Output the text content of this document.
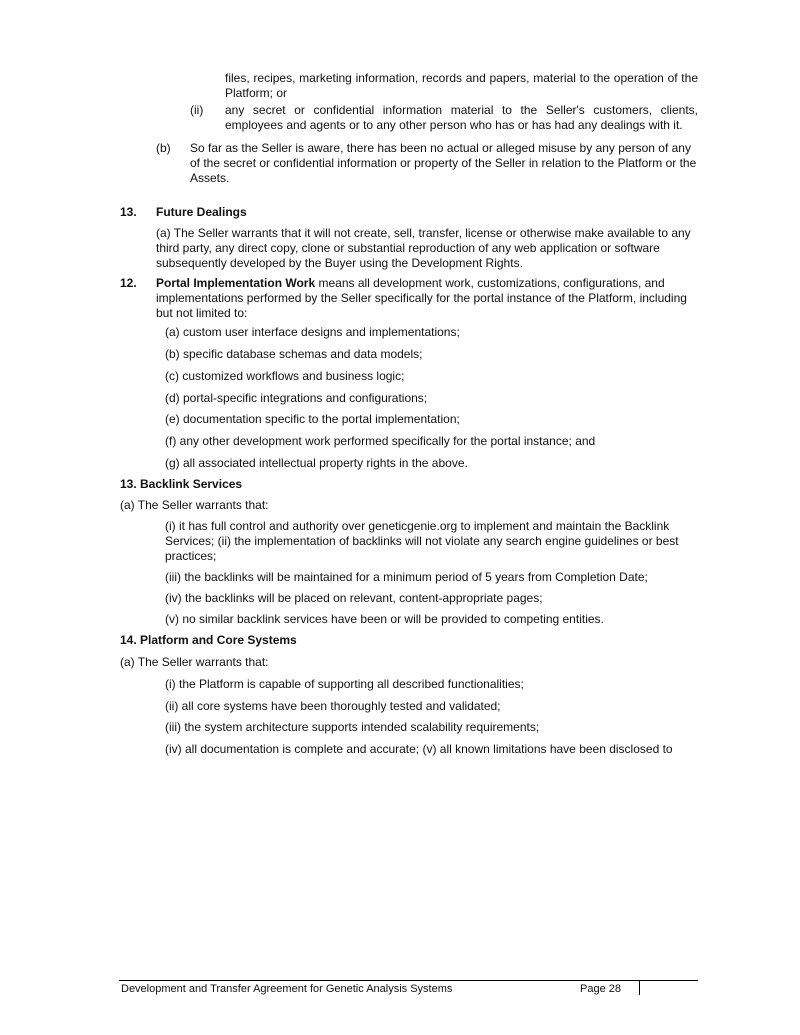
files, recipes, marketing information, records and papers, material to the operation of the Platform; or
(ii) any secret or confidential information material to the Seller's customers, clients, employees and agents or to any other person who has or has had any dealings with it.
(b) So far as the Seller is aware, there has been no actual or alleged misuse by any person of any of the secret or confidential information or property of the Seller in relation to the Platform or the Assets.
13. Future Dealings
(a) The Seller warrants that it will not create, sell, transfer, license or otherwise make available to any third party, any direct copy, clone or substantial reproduction of any web application or software subsequently developed by the Buyer using the Development Rights.
12. Portal Implementation Work means all development work, customizations, configurations, and implementations performed by the Seller specifically for the portal instance of the Platform, including but not limited to:
(a) custom user interface designs and implementations;
(b) specific database schemas and data models;
(c) customized workflows and business logic;
(d) portal-specific integrations and configurations;
(e) documentation specific to the portal implementation;
(f) any other development work performed specifically for the portal instance; and
(g) all associated intellectual property rights in the above.
13. Backlink Services
(a) The Seller warrants that:
(i) it has full control and authority over geneticgenie.org to implement and maintain the Backlink Services; (ii) the implementation of backlinks will not violate any search engine guidelines or best practices;
(iii) the backlinks will be maintained for a minimum period of 5 years from Completion Date;
(iv) the backlinks will be placed on relevant, content-appropriate pages;
(v) no similar backlink services have been or will be provided to competing entities.
14. Platform and Core Systems
(a) The Seller warrants that:
(i) the Platform is capable of supporting all described functionalities;
(ii) all core systems have been thoroughly tested and validated;
(iii) the system architecture supports intended scalability requirements;
(iv) all documentation is complete and accurate; (v) all known limitations have been disclosed to
Development and Transfer Agreement for Genetic Analysis Systems	Page 28
